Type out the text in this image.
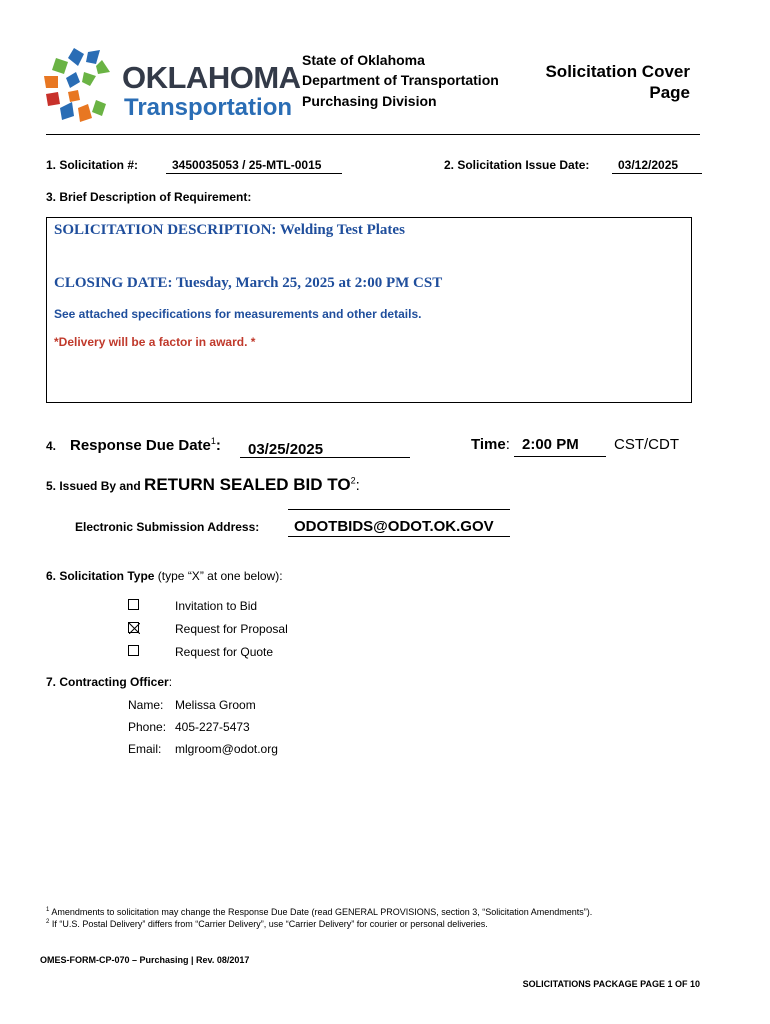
OKLAHOMA
Transportation
State of Oklahoma
Department of Transportation
Purchasing Division
Solicitation Cover
Page
1. Solicitation #:	3450035053 / 25-MTL-0015	2. Solicitation Issue Date: 03/12/2025
3. Brief Description of Requirement:
SOLICITATION DESCRIPTION: Welding Test Plates
CLOSING DATE: Tuesday, March 25, 2025 at 2:00 PM CST
See attached specifications for measurements and other details.
*Delivery will be a factor in award. *
4. Response Due Date$^1$: 03/25/2025	Time: 2:00 PM CST/CDT
5. Issued By and RETURN SEALED BID $TO^2$:
Electronic Submission Address: ODOTBIDS@ODOT.OK.GOV
6. Solicitation Type (type “X” at one below):
Invitation to Bid
Request for Proposal
Request for Quote
7. Contracting Officer:
Name: Melissa Groom
Phone: 405-227-5473
Email: mlgroom@odot.org
$^1$ Amendments to solicitation may change the Response Due Date (read GENERAL PROVISIONS, section 3, “Solicitation Amendments”).
$^2$ If “U.S. Postal Delivery” differs from “Carrier Delivery”, use “Carrier Delivery” for courier or personal deliveries.
OMES-FORM-CP-070 – Purchasing | Rev. 08/2017
SOLICITATIONS PACKAGE PAGE 1 OF 10
